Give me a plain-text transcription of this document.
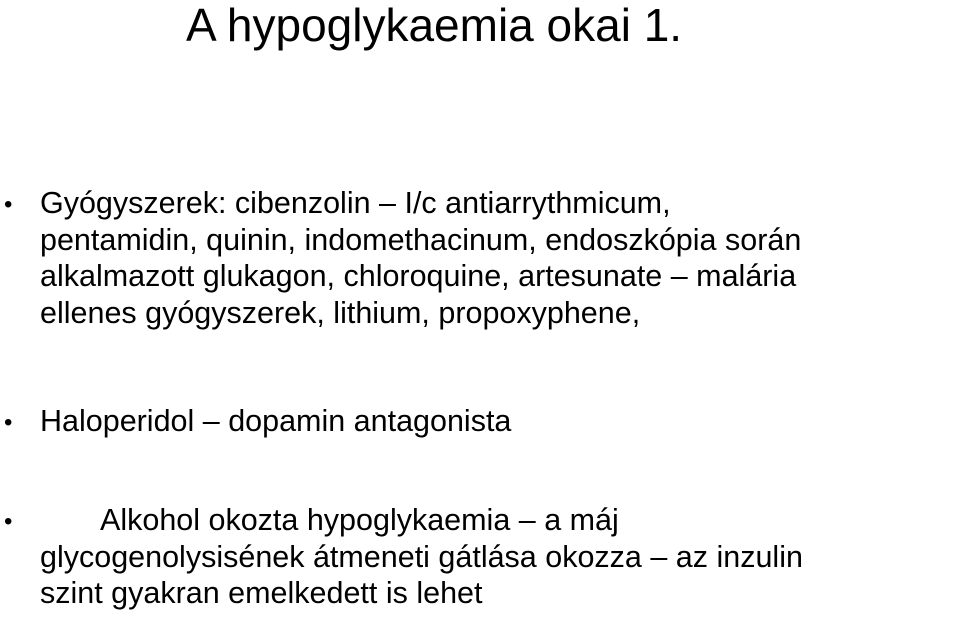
A hypoglykaemia okai 1.
• Gyógyszerek: cibenzolin – I/c antiarrythmicum,
pentamidin, quinin, indomethacinum, endoszkópia során
alkalmazott glukagon, chloroquine, artesunate – malária
ellenes gyógyszerek, lithium, propoxyphene,
• Haloperidol – dopamin antagonista
•	Alkohol okozta hypoglykaemia – a máj
glycogenolysisének átmeneti gátlása okozza – az inzulin
szint gyakran emelkedett is lehet
